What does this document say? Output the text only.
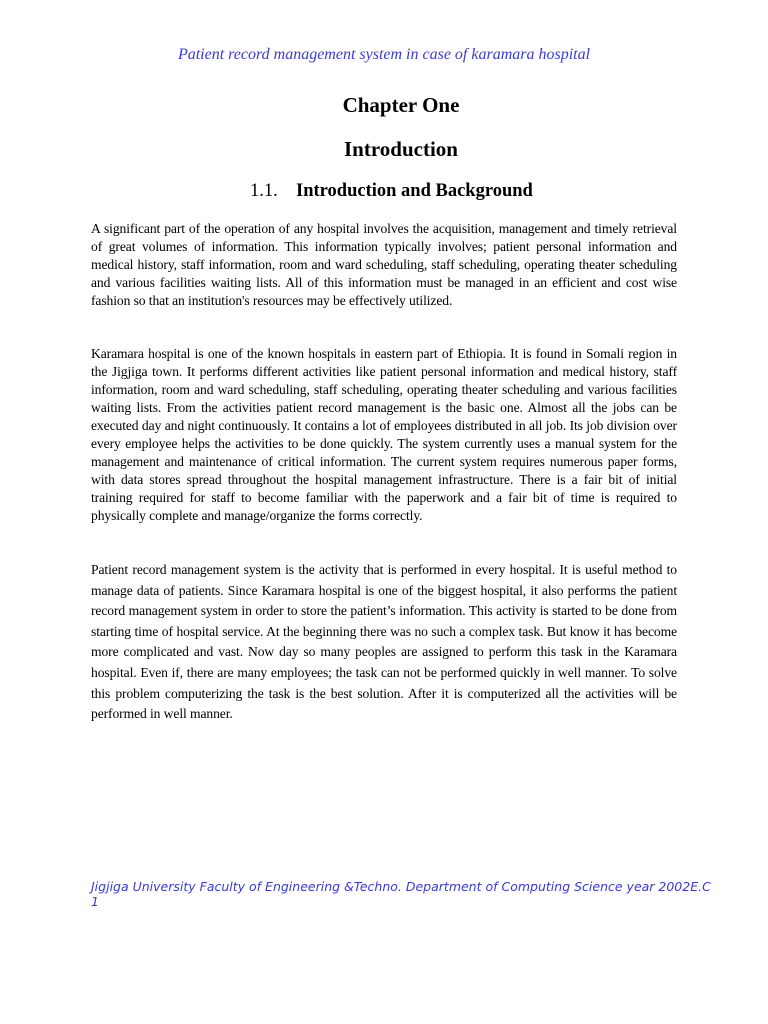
Patient record management system in case of karamara hospital
Chapter One
Introduction
1.1. Introduction and Background

A significant part of the operation of any hospital involves the acquisition, management and timely retrieval of great volumes of information. This information typically involves; patient personal information and medical history, staff information, room and ward scheduling, staff scheduling, operating theater scheduling and various facilities waiting lists. All of this information must be managed in an efficient and cost wise fashion so that an institution's resources may be effectively utilized.

Karamara hospital is one of the known hospitals in eastern part of Ethiopia. It is found in Somali region in the Jigjiga town. It performs different activities like patient personal information and medical history, staff information, room and ward scheduling, staff scheduling, operating theater scheduling and various facilities waiting lists. From the activities patient record management is the basic one. Almost all the jobs can be executed day and night continuously. It contains a lot of employees distributed in all job. Its job division over every employee helps the activities to be done quickly. The system currently uses a manual system for the management and maintenance of critical information. The current system requires numerous paper forms, with data stores spread throughout the hospital management infrastructure. There is a fair bit of initial training required for staff to become familiar with the paperwork and a fair bit of time is required to physically complete and manage/organize the forms correctly.

Patient record management system is the activity that is performed in every hospital. It is useful method to manage data of patients. Since Karamara hospital is one of the biggest hospital, it also performs the patient record management system in order to store the patient’s information. This activity is started to be done from starting time of hospital service. At the beginning there was no such a complex task. But know it has become more complicated and vast. Now day so many peoples are assigned to perform this task in the Karamara hospital. Even if, there are many employees; the task can not be performed quickly in well manner. To solve this problem computerizing the task is the best solution. After it is computerized all the activities will be performed in well manner.

Jigjiga University Faculty of Engineering &Techno. Department of Computing Science year 2002E.C
1
